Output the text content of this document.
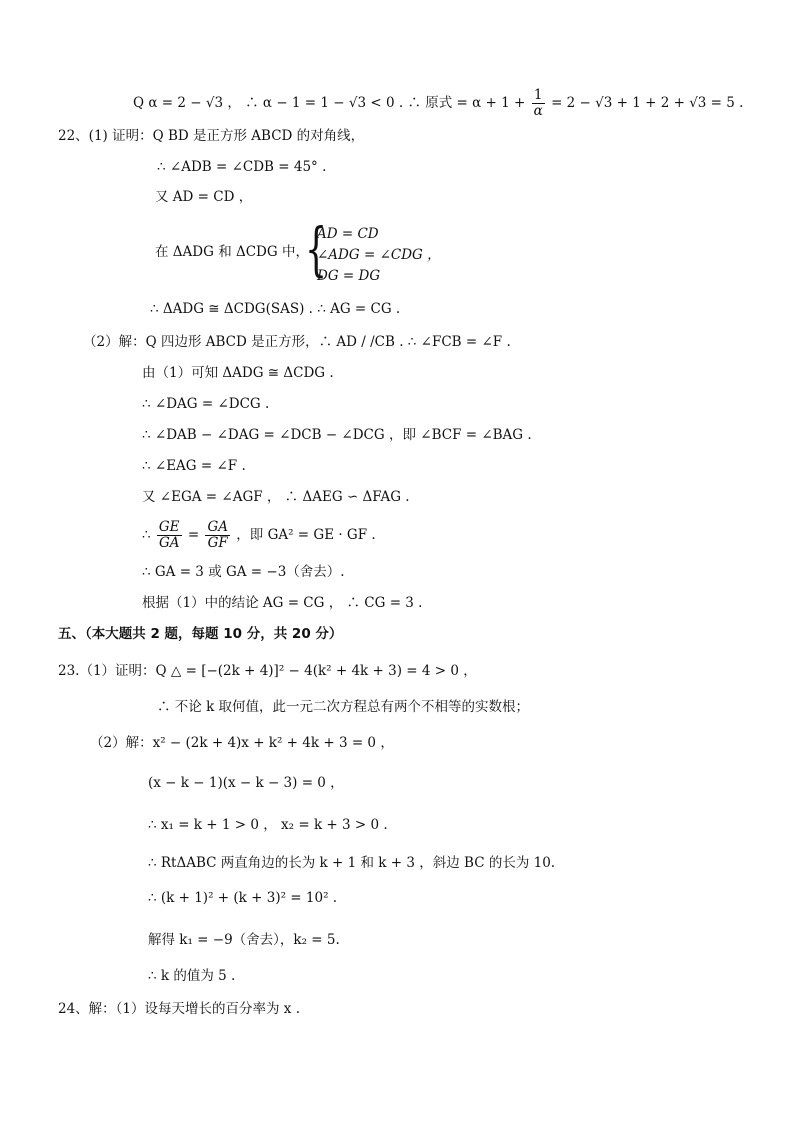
Q α = 2 − √3 ， ∴ α − 1 = 1 − √3 < 0 . ∴ 原式 = $\alpha + 1 + \frac{1}{\alpha} = 2 - √3 + 1 + 2 + √3 = 5$ .
22、(1) 证明：Q BD 是正方形 ABCD 的对角线，
∴ ∠ADB = ∠CDB = 45° .
又 AD = CD ，
在 ΔADG 和 ΔCDG 中，
{
AD = CD
∠ADG = ∠CDG ，
DG = DG
∴ ΔADG ≅ ΔCDG(SAS) . ∴ AG = CG .
（2）解：Q 四边形 ABCD 是正方形，∴ AD / /CB . ∴ ∠FCB = ∠F .
由（1）可知 ΔADG ≅ ΔCDG .
∴ ∠DAG = ∠DCG .
∴ ∠DAB − ∠DAG = ∠DCB − ∠DCG ，即 ∠BCF = ∠BAG .
∴ ∠EAG = ∠F .
又 ∠EGA = ∠AGF ， ∴ ΔAEG ∽ ΔFAG .
∴ $\frac{GE}{GA} = \frac{GA}{GF}$ ，即 GA² = GE · GF .
∴ GA = 3 或 GA = −3（舍去）.
根据（1）中的结论 AG = CG ， ∴ CG = 3 .
五、（本大题共 2 题，每题 10 分，共 20 分）
23.（1）证明：Q △ = [−(2k + 4)]² − 4(k² + 4k + 3) = 4 > 0 ，
∴ 不论 k 取何值，此一元二次方程总有两个不相等的实数根；
（2）解：x² − (2k + 4)x + k² + 4k + 3 = 0 ，
(x − k − 1)(x − k − 3) = 0 ，
∴ x₁ = k + 1 > 0 ， x₂ = k + 3 > 0 .
∴ RtΔABC 两直角边的长为 k + 1 和 k + 3 ，斜边 BC 的长为 10.
∴ (k + 1)² + (k + 3)² = 10² .
解得 k₁ = −9（舍去），k₂ = 5.
∴ k 的值为 5 .
24、解：（1）设每天增长的百分率为 x .
